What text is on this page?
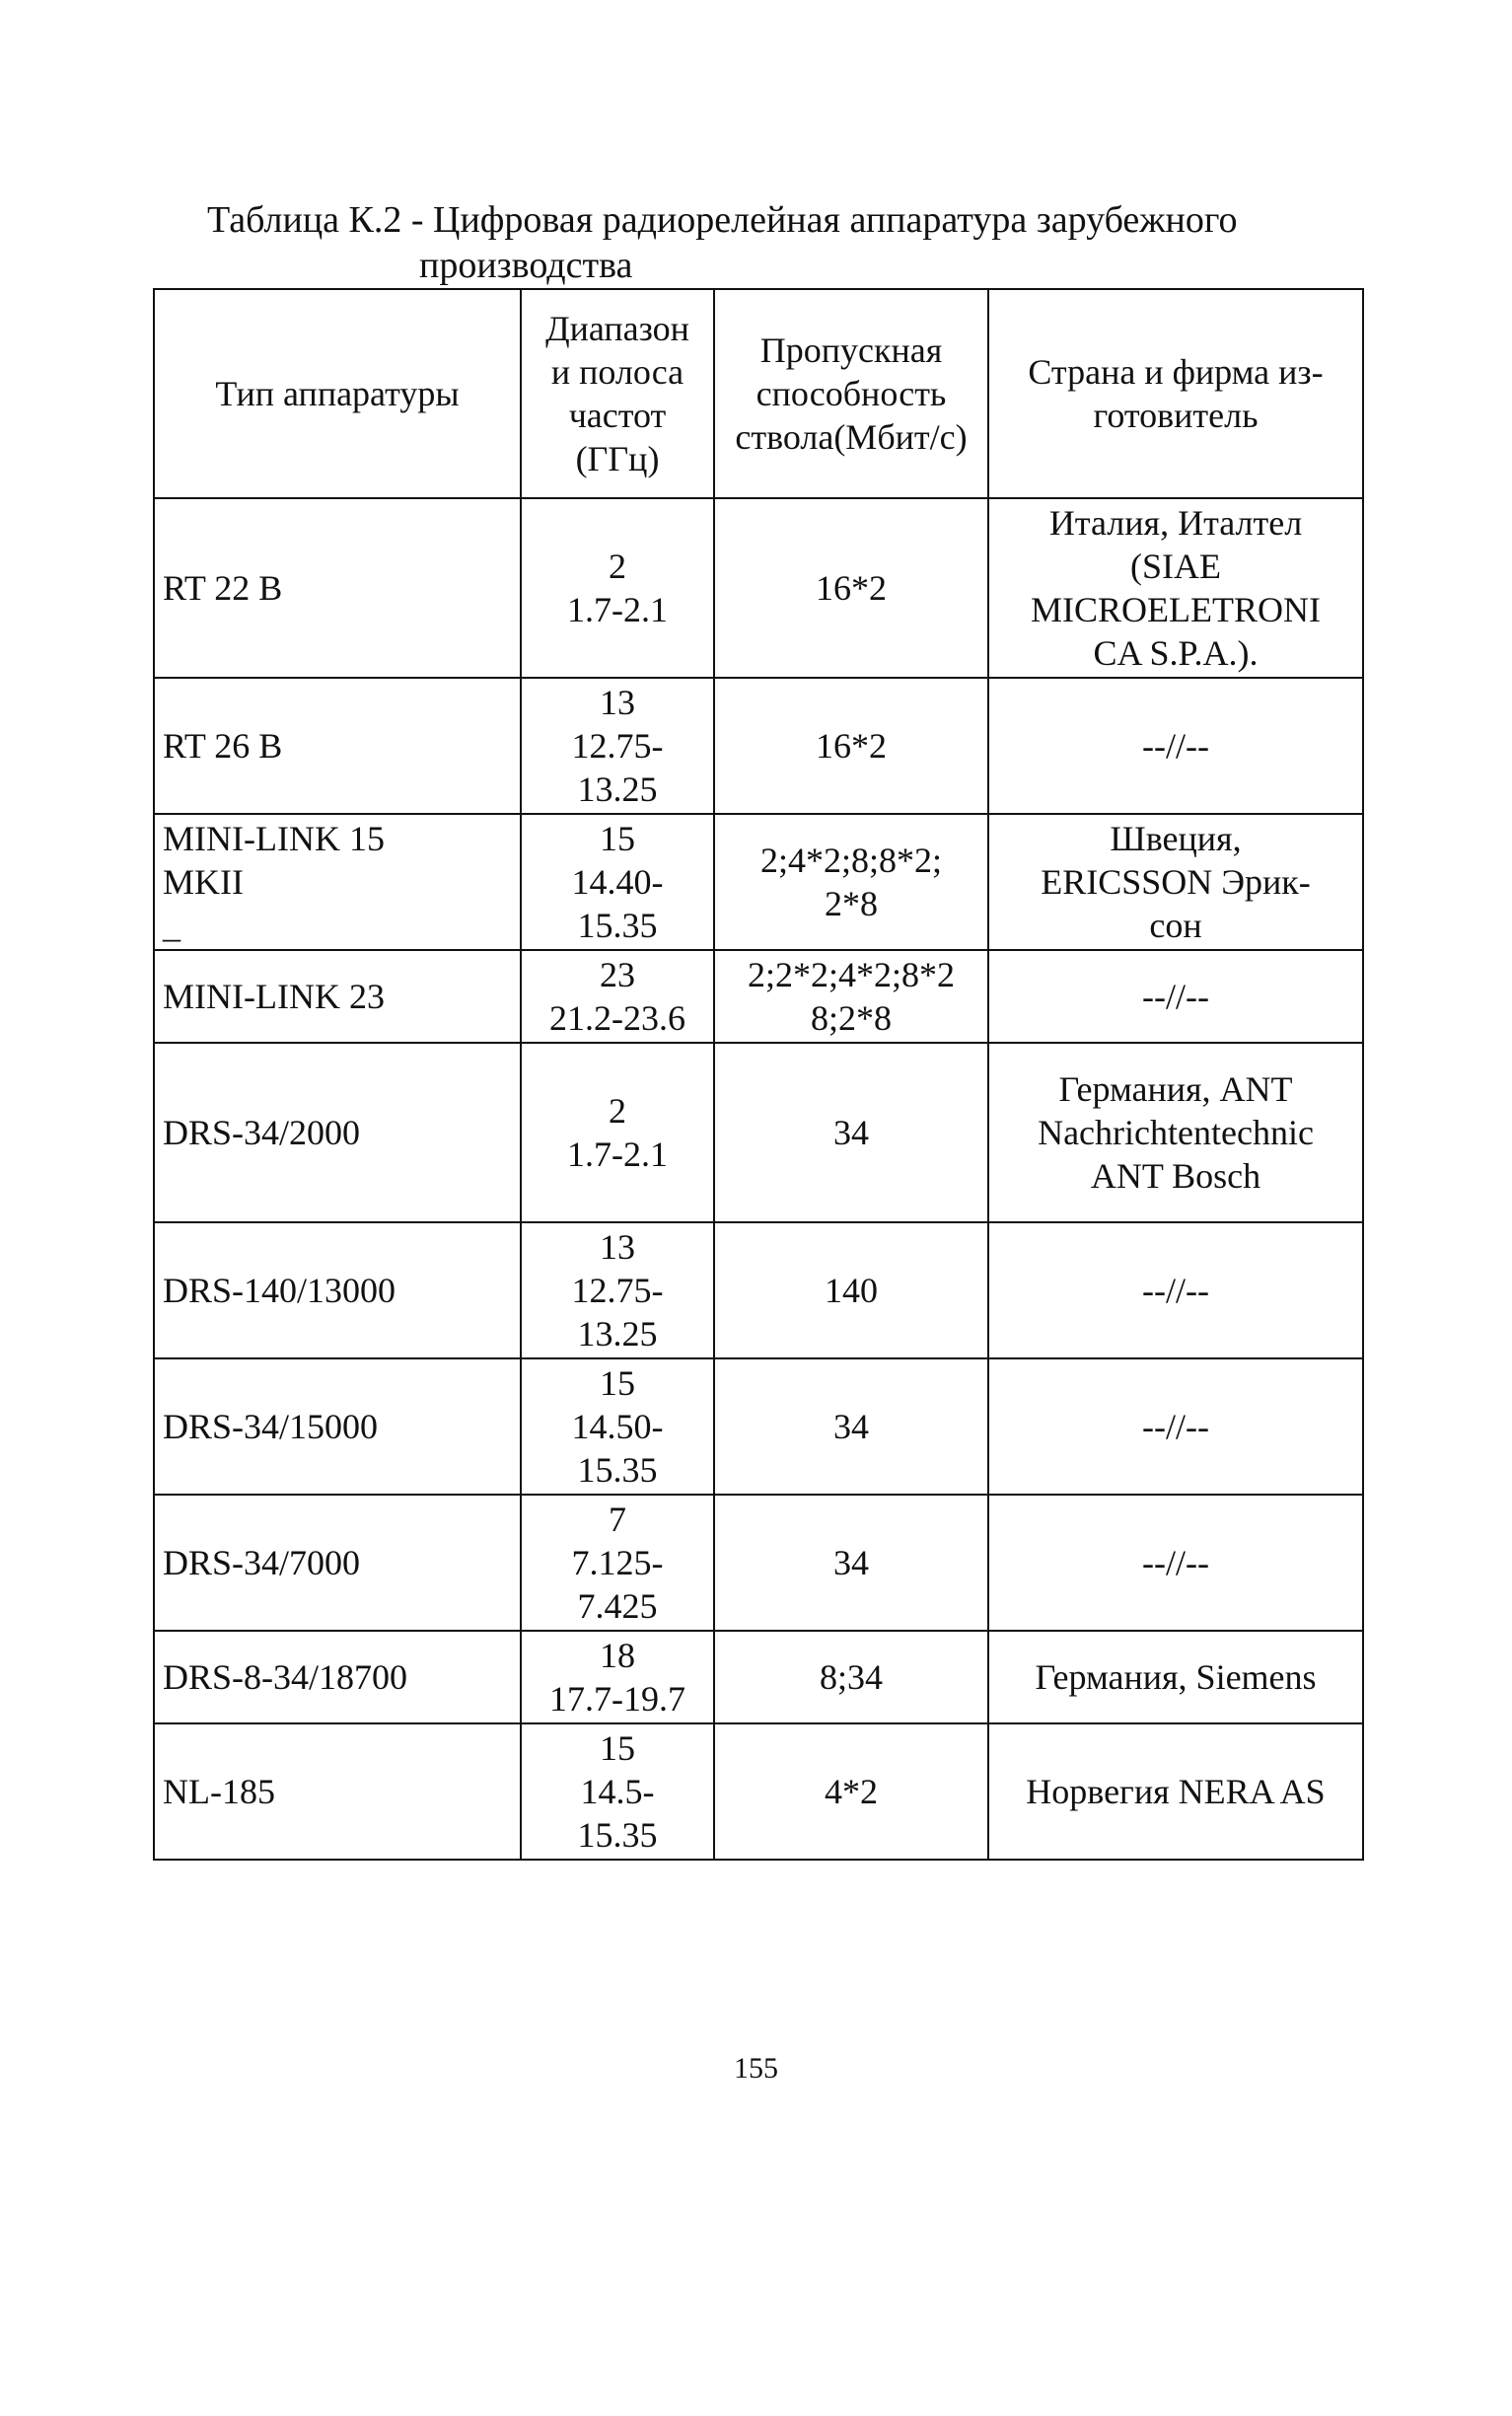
Таблица К.2 - Цифровая радиорелейная аппаратура зарубежного
производства
Тип аппаратуры	Диапазон
и полоса
частот
(ГГц)	Пропускная
способность
ствола(Мбит/с)	Страна и фирма из-
готовитель

RT 22 B	2
1.7-2.1	16*2	Италия, Италтел
(SIAE
MICROELETRONI
CA S.P.A.).

RT 26 B	13
12.75-
13.25	16*2	--//--

MINI-LINK 15
MKII
_	15
14.40-
15.35	2;4*2;8;8*2;
2*8	Швеция,
ERICSSON Эрик-
сон

MINI-LINK 23	23
21.2-23.6	2;2*2;4*2;8*2
8;2*8	--//--

DRS-34/2000	2
1.7-2.1	34	Германия, ANT
Nachrichtentechnic
ANT Bosch

DRS-140/13000	13
12.75-
13.25	140	--//--

DRS-34/15000	15
14.50-
15.35	34	--//--

DRS-34/7000	7
7.125-
7.425	34	--//--

DRS-8-34/18700	18
17.7-19.7	8;34	Германия, Siemens

NL-185	15
14.5-
15.35	4*2	Норвегия NERA AS
155
